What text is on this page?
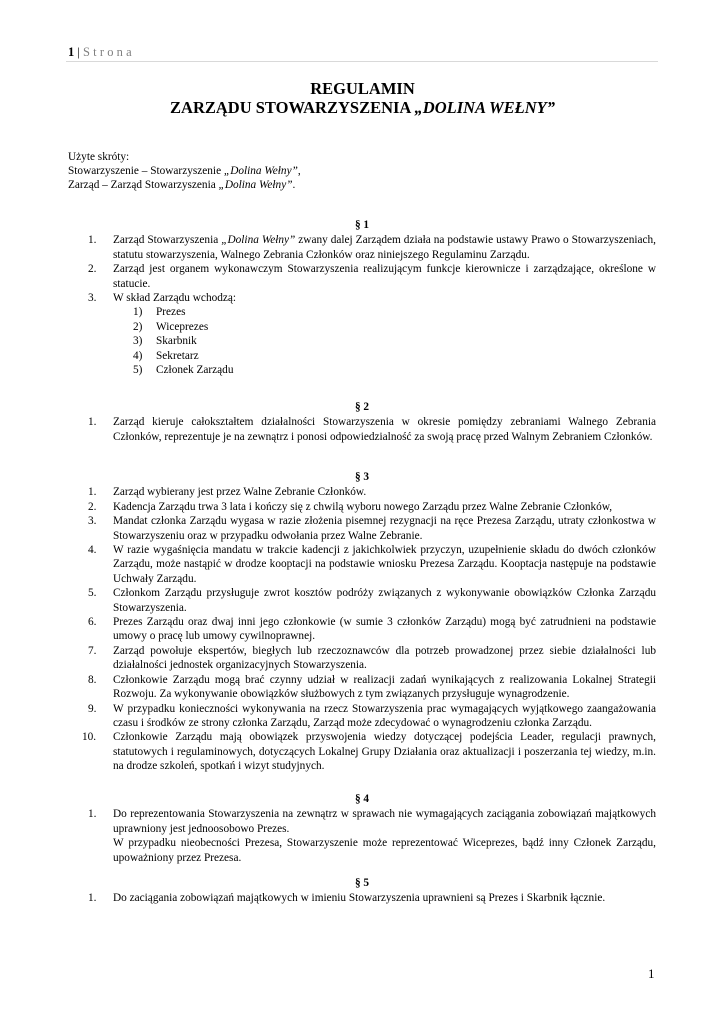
1 | Strona
REGULAMIN
ZARZĄDU STOWARZYSZENIA „DOLINA WEŁNY”
Użyte skróty:
Stowarzyszenie – Stowarzyszenie „Dolina Wełny”,
Zarząd – Zarząd Stowarzyszenia „Dolina Wełny”.
§ 1
1.	Zarząd Stowarzyszenia „Dolina Wełny” zwany dalej Zarządem działa na podstawie ustawy Prawo o Stowarzyszeniach, statutu stowarzyszenia, Walnego Zebrania Członków oraz niniejszego Regulaminu Zarządu.
2.	Zarząd jest organem wykonawczym Stowarzyszenia realizującym funkcje kierownicze i zarządzające, określone w statucie.
3.	W skład Zarządu wchodzą:
1)	Prezes
2)	Wiceprezes
3)	Skarbnik
4)	Sekretarz
5)	Członek Zarządu
§ 2
1.	Zarząd kieruje całokształtem działalności Stowarzyszenia w okresie pomiędzy zebraniami Walnego Zebrania Członków, reprezentuje je na zewnątrz i ponosi odpowiedzialność za swoją pracę przed Walnym Zebraniem Członków.
§ 3
1.	Zarząd wybierany jest przez Walne Zebranie Członków.
2.	Kadencja Zarządu trwa 3 lata i kończy się z chwilą wyboru nowego Zarządu przez Walne Zebranie Członków,
3.	Mandat członka Zarządu wygasa w razie złożenia pisemnej rezygnacji na ręce Prezesa Zarządu, utraty członkostwa w Stowarzyszeniu oraz w przypadku odwołania przez Walne Zebranie.
4.	W razie wygaśnięcia mandatu w trakcie kadencji z jakichkolwiek przyczyn, uzupełnienie składu do dwóch członków Zarządu, może nastąpić w drodze kooptacji na podstawie wniosku Prezesa Zarządu. Kooptacja następuje na podstawie Uchwały Zarządu.
5.	Członkom Zarządu przysługuje zwrot kosztów podróży związanych z wykonywanie obowiązków Członka Zarządu Stowarzyszenia.
6.	Prezes Zarządu oraz dwaj inni jego członkowie (w sumie 3 członków Zarządu) mogą być zatrudnieni na podstawie umowy o pracę lub umowy cywilnoprawnej.
7.	Zarząd powołuje ekspertów, biegłych lub rzeczoznawców dla potrzeb prowadzonej przez siebie działalności lub działalności jednostek organizacyjnych Stowarzyszenia.
8.	Członkowie Zarządu mogą brać czynny udział w realizacji zadań wynikających z realizowania Lokalnej Strategii Rozwoju. Za wykonywanie obowiązków służbowych z tym związanych przysługuje wynagrodzenie.
9.	W przypadku konieczności wykonywania na rzecz Stowarzyszenia prac wymagających wyjątkowego zaangażowania czasu i środków ze strony członka Zarządu, Zarząd może zdecydować o wynagrodzeniu członka Zarządu.
10.	Członkowie Zarządu mają obowiązek przyswojenia wiedzy dotyczącej podejścia Leader, regulacji prawnych, statutowych i regulaminowych, dotyczących Lokalnej Grupy Działania oraz aktualizacji i poszerzania tej wiedzy, m.in. na drodze szkoleń, spotkań i wizyt studyjnych.
§ 4
1.	Do reprezentowania Stowarzyszenia na zewnątrz w sprawach nie wymagających zaciągania zobowiązań majątkowych uprawniony jest jednoosobowo Prezes.
W przypadku nieobecności Prezesa, Stowarzyszenie może reprezentować Wiceprezes, bądź inny Członek Zarządu, upoważniony przez Prezesa.
§ 5
1.	Do zaciągania zobowiązań majątkowych w imieniu Stowarzyszenia uprawnieni są Prezes i Skarbnik łącznie.
1
